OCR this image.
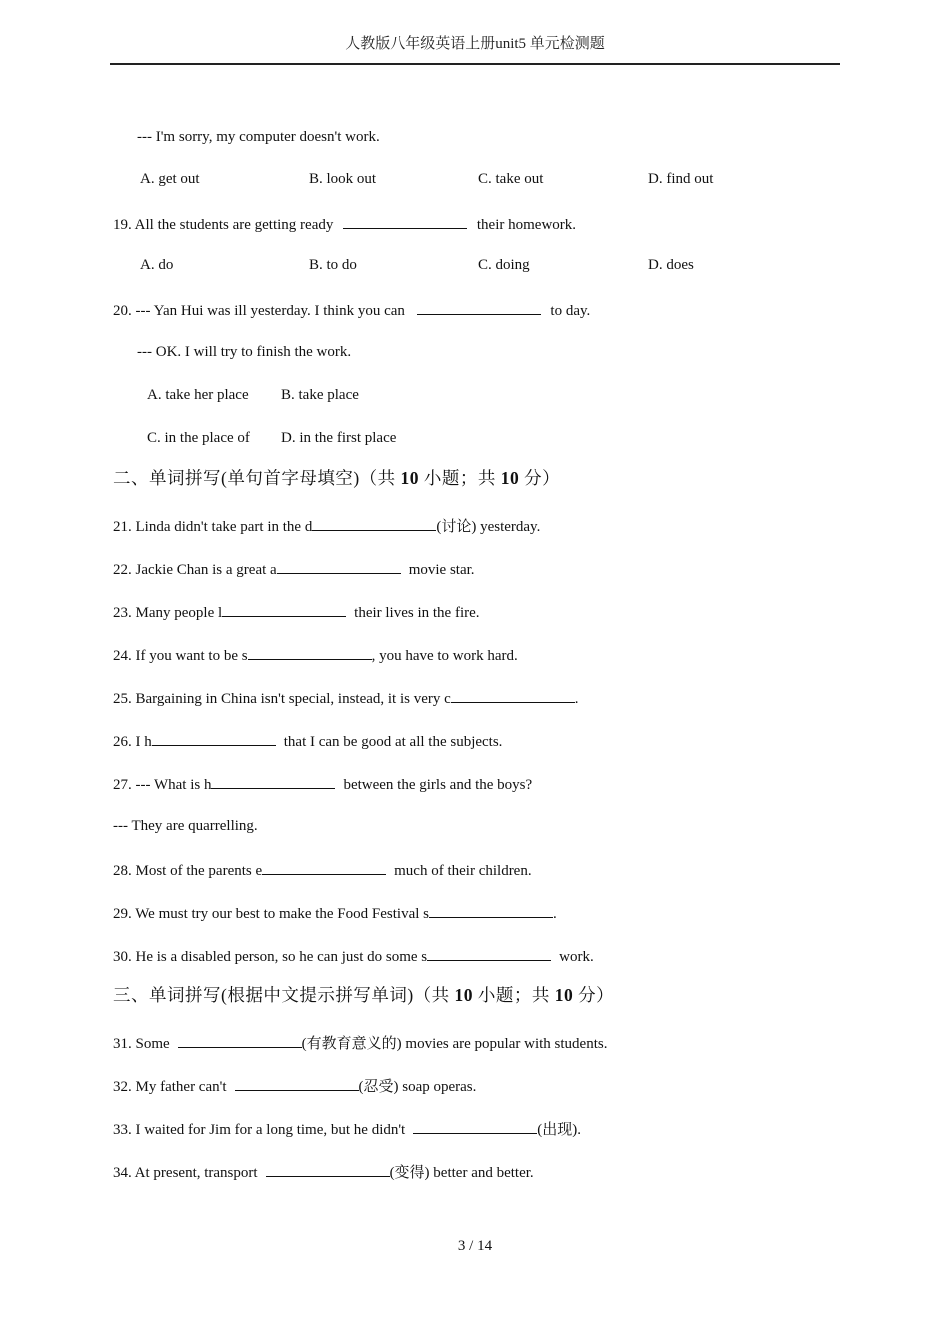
人教版八年级英语上册unit5 单元检测题
--- I'm sorry, my computer doesn't work.
A. get out	B. look out	C. take out	D. find out
19. All the students are getting ready	their homework.
A. do	B. to do	C. doing	D. does
20. --- Yan Hui was ill yesterday. I think you can	to day.
--- OK. I will try to finish the work.
A. take her place B. take place
C. in the place of D. in the first place
二、单词拼写(单句首字母填空)（共 10 小题；共 10 分）
21. Linda didn't take part in the d	(讨论) yesterday.
22. Jackie Chan is a great a	movie star.
23. Many people l	their lives in the fire.
24. If you want to be s	, you have to work hard.
25. Bargaining in China isn't special, instead, it is very c	.
26. I h	that I can be good at all the subjects.
27. --- What is h	between the girls and the boys?
--- They are quarrelling.
28. Most of the parents e	much of their children.
29. We must try our best to make the Food Festival s	.
30. He is a disabled person, so he can just do some s	work.
三、单词拼写(根据中文提示拼写单词)（共 10 小题；共 10 分）
31. Some	(有教育意义的) movies are popular with students.
32. My father can't	(忍受) soap operas.
33. I waited for Jim for a long time, but he didn't	(出现).
34. At present, transport	(变得) better and better.
3 / 14
